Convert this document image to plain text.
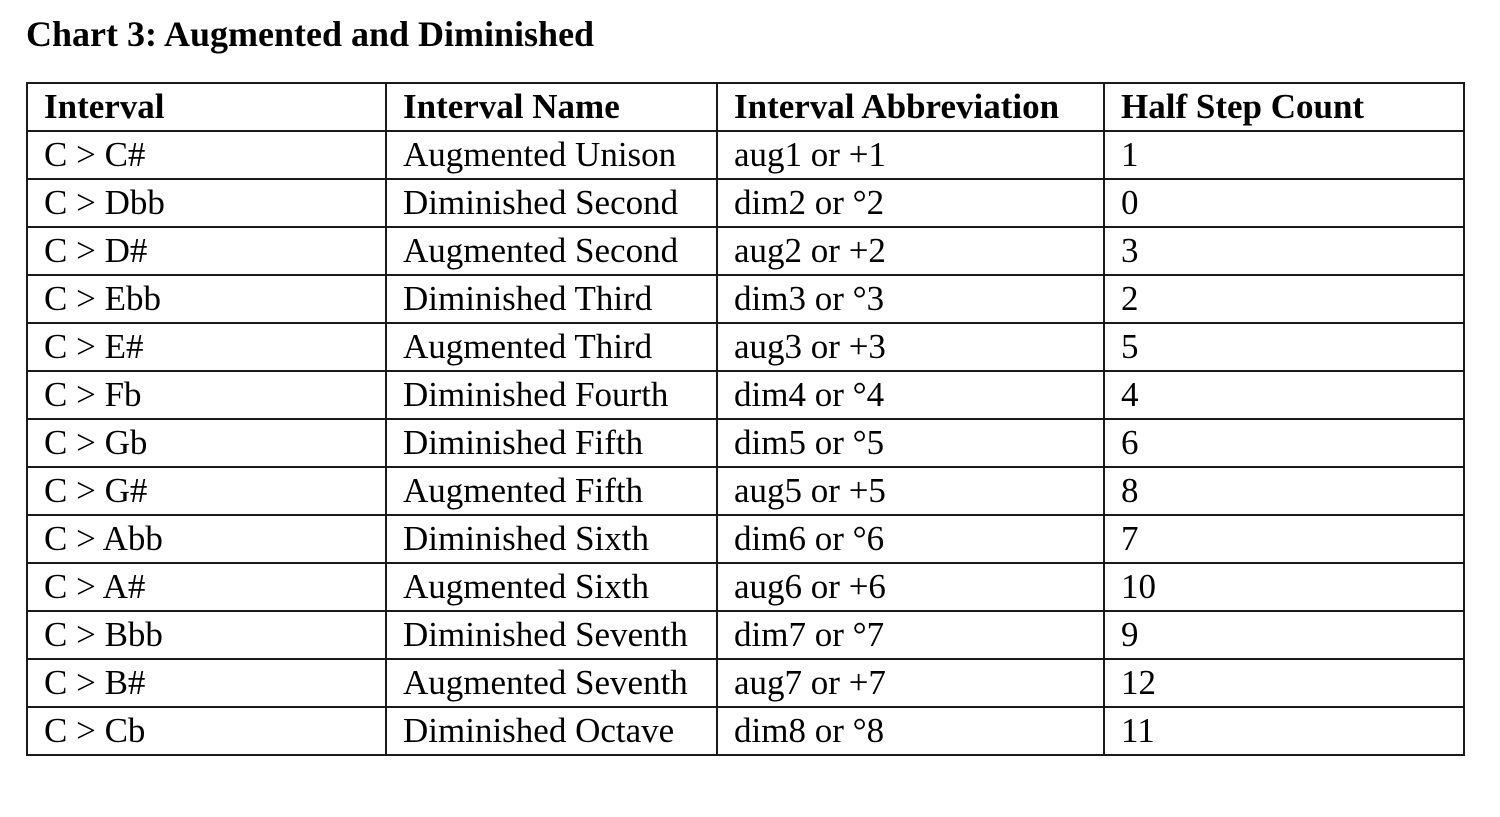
Chart 3: Augmented and Diminished
Interval	Interval Name	Interval Abbreviation	Half Step Count
C > C#	Augmented Unison	aug1 or +1	1
C > Dbb	Diminished Second	dim2 or °2	0
C > D#	Augmented Second	aug2 or +2	3
C > Ebb	Diminished Third	dim3 or °3	2
C > E#	Augmented Third	aug3 or +3	5
C > Fb	Diminished Fourth	dim4 or °4	4
C > Gb	Diminished Fifth	dim5 or °5	6
C > G#	Augmented Fifth	aug5 or +5	8
C > Abb	Diminished Sixth	dim6 or °6	7
C > A#	Augmented Sixth	aug6 or +6	10
C > Bbb	Diminished Seventh	dim7 or °7	9
C > B#	Augmented Seventh	aug7 or +7	12
C > Cb	Diminished Octave	dim8 or °8	11
